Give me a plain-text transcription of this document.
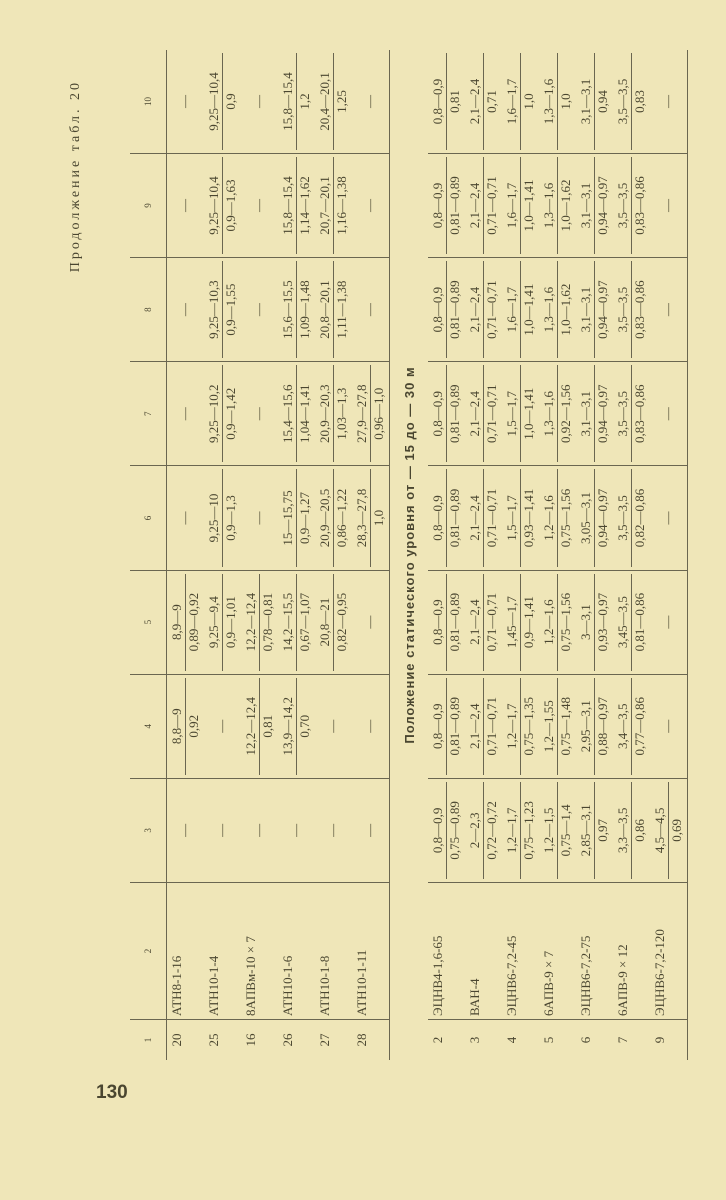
130
Продолжение табл. 20
1	2	3	4	5	6	7	8	9	10
20	АТН8-1-16	—	8,8—9 0,92	8,9—9 0,89—0,92	—	—	—	—	—

25	АТН10-1-4	—	—	9,25—9,4 0,9—1,01	9,25—10 0,9—1,3	9,25—10,2 0,9—1,42	9,25—10,3 0,9—1,55	9,25—10,4 0,9—1,63	9,25—10,4 0,9

16	8АПВм-10 × 7	—	12,2—12,4 0,81	12,2—12,4 0,78—0,81	—	—	—	—	—

26	АТН10-1-6	—	13,9—14,2 0,70	14,2—15,5 0,67—1,07	15—15,75 0,9—1,27	15,4—15,6 1,04—1,41	15,6—15,5 1,09—1,48	15,8—15,4 1,14—1,62	15,8—15,4 1,2

27	АТН10-1-8	—	—	20,8—21 0,82—0,95	20,9—20,5 0,86—1,22	20,9—20,3 1,03—1,3	20,8—20,1 1,11—1,38	20,7—20,1 1,16—1,38	20,4—20,1 1,25

28	АТН10-1-11	—	—	—	28,3—27,8 1,0	27,9—27,8 0,96—1,0	—	—	—

Положение статического уровня от — 15 до — 30 м									
2	ЭЦНВ4-1,6-65	0,8—0,9 0,75—0,89	0,8—0,9 0,81—0,89	0,8—0,9 0,81—0,89	0,8—0,9 0,81—0,89	0,8—0,9 0,81—0,89	0,8—0,9 0,81—0,89	0,8—0,9 0,81—0,89	0,8—0,9 0,81

3	ВАН-4	2—2,3 0,72—0,72	2,1—2,4 0,71—0,71	2,1—2,4 0,71—0,71	2,1—2,4 0,71—0,71	2,1—2,4 0,71—0,71	2,1—2,4 0,71—0,71	2,1—2,4 0,71—0,71	2,1—2,4 0,71

4	ЭЦНВ6-7,2-45	1,2—1,7 0,75—1,23	1,2—1,7 0,75—1,35	1,45—1,7 0,9—1,41	1,5—1,7 0,93—1,41	1,5—1,7 1,0—1,41	1,6—1,7 1,0—1,41	1,6—1,7 1,0—1,41	1,6—1,7 1,0

5	6АПВ-9 × 7	1,2—1,5 0,75—1,4	1,2—1,55 0,75—1,48	1,2—1,6 0,75—1,56	1,2—1,6 0,75—1,56	1,3—1,6 0,92—1,56	1,3—1,6 1,0—1,62	1,3—1,6 1,0—1,62	1,3—1,6 1,0

6	ЭЦНВ6-7,2-75	2,85—3,1 0,97	2,95—3,1 0,88—0,97	3—3,1 0,93—0,97	3,05—3,1 0,94—0,97	3,1—3,1 0,94—0,97	3,1—3,1 0,94—0,97	3,1—3,1 0,94—0,97	3,1—3,1 0,94

7	6АПВ-9 × 12	3,3—3,5 0,86	3,4—3,5 0,77—0,86	3,45—3,5 0,81—0,86	3,5—3,5 0,82—0,86	3,5—3,5 0,83—0,86	3,5—3,5 0,83—0,86	3,5—3,5 0,83—0,86	3,5—3,5 0,83

9	ЭЦНВ6-7,2-120	4,5—4,5 0,69	—	—	—	—	—	—	—
